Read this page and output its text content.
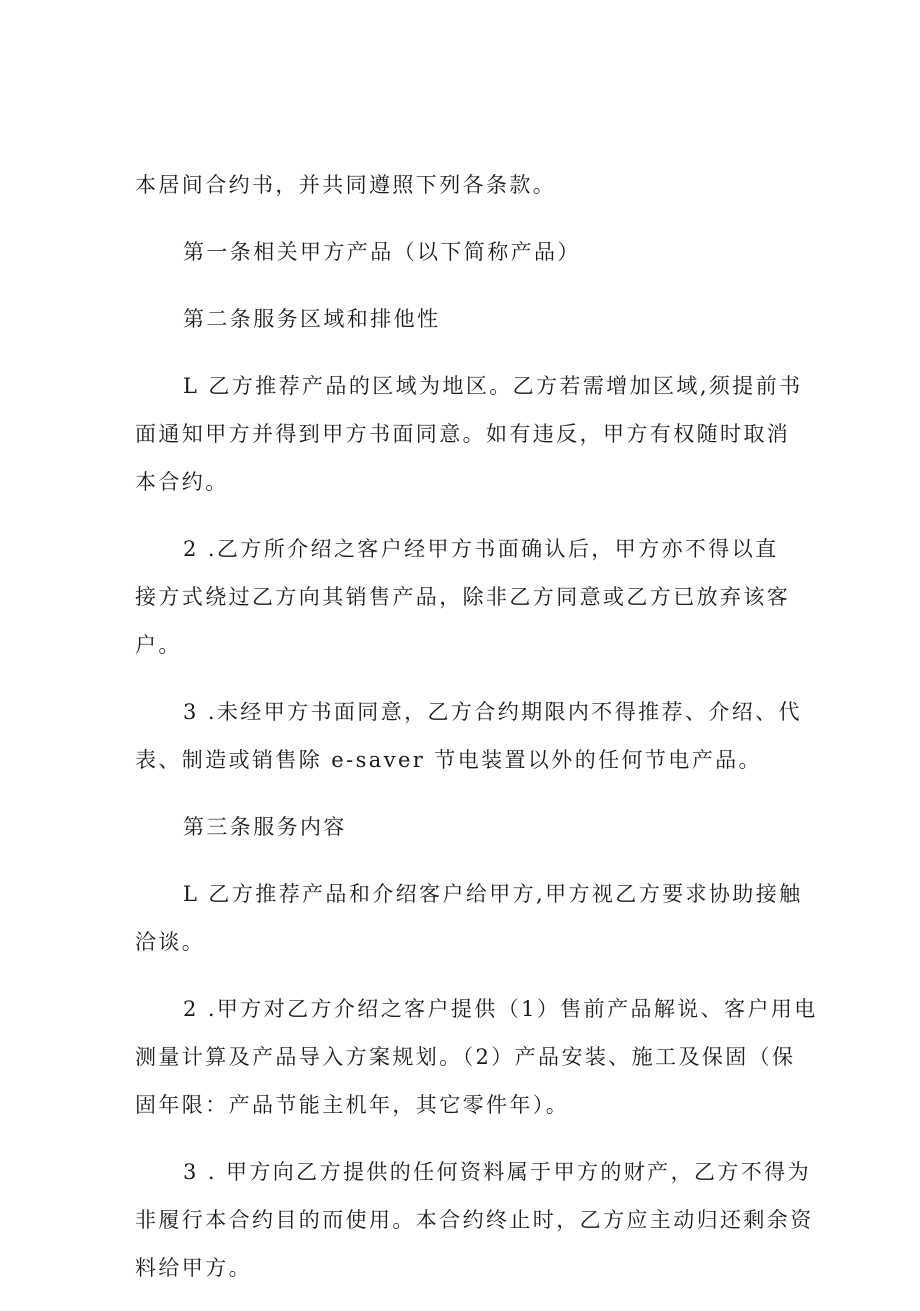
本居间合约书，并共同遵照下列各条款。
第一条相关甲方产品（以下简称产品）
第二条服务区域和排他性
L 乙方推荐产品的区域为地区。乙方若需增加区域,须提前书
面通知甲方并得到甲方书面同意。如有违反，甲方有权随时取消
本合约。
2 .乙方所介绍之客户经甲方书面确认后，甲方亦不得以直
接方式绕过乙方向其销售产品，除非乙方同意或乙方已放弃该客
户。
3 .未经甲方书面同意，乙方合约期限内不得推荐、介绍、代
表、制造或销售除 e-saver 节电装置以外的任何节电产品。
第三条服务内容
L 乙方推荐产品和介绍客户给甲方,甲方视乙方要求协助接触
洽谈。
2 .甲方对乙方介绍之客户提供（1）售前产品解说、客户用电
测量计算及产品导入方案规划。（2）产品安装、施工及保固（保
固年限：产品节能主机年，其它零件年）。
3 . 甲方向乙方提供的任何资料属于甲方的财产，乙方不得为
非履行本合约目的而使用。本合约终止时，乙方应主动归还剩余资
料给甲方。
